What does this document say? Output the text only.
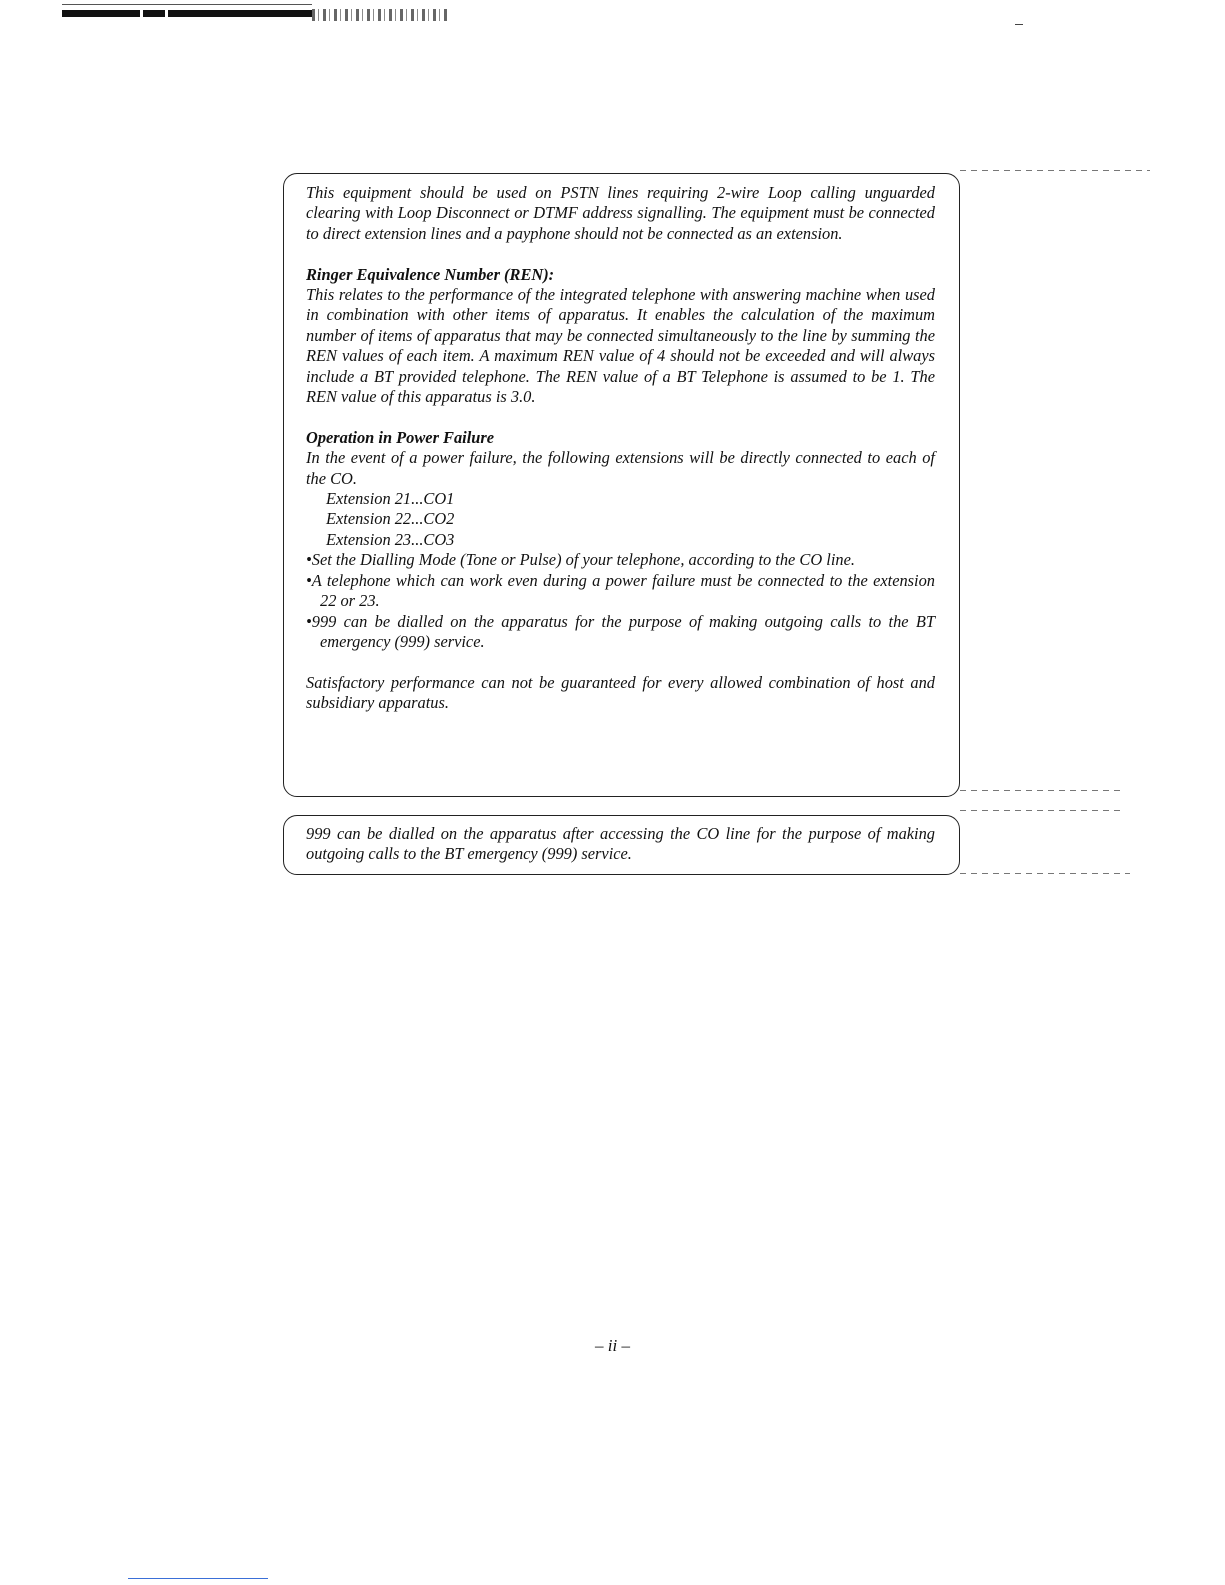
This equipment should be used on PSTN lines requiring 2-wire Loop calling unguarded clearing with Loop Disconnect or DTMF address signalling. The equipment must be connected to direct extension lines and a payphone should not be connected as an extension.

Ringer Equivalence Number (REN):

This relates to the performance of the integrated telephone with answering machine when used in combination with other items of apparatus. It enables the calculation of the maximum number of items of apparatus that may be connected simultaneously to the line by summing the REN values of each item. A maximum REN value of 4 should not be exceeded and will always include a BT provided telephone. The REN value of a BT Telephone is assumed to be 1. The REN value of this apparatus is 3.0.

Operation in Power Failure

In the event of a power failure, the following extensions will be directly connected to each of the CO.

Extension 21...CO1

Extension 22...CO2

Extension 23...CO3

•Set the Dialling Mode (Tone or Pulse) of your telephone, according to the CO line.

•A telephone which can work even during a power failure must be connected to the extension 22 or 23.

•999 can be dialled on the apparatus for the purpose of making outgoing calls to the BT emergency (999) service.

Satisfactory performance can not be guaranteed for every allowed combination of host and subsidiary apparatus.

999 can be dialled on the apparatus after accessing the CO line for the purpose of making outgoing calls to the BT emergency (999) service.

– ii –
